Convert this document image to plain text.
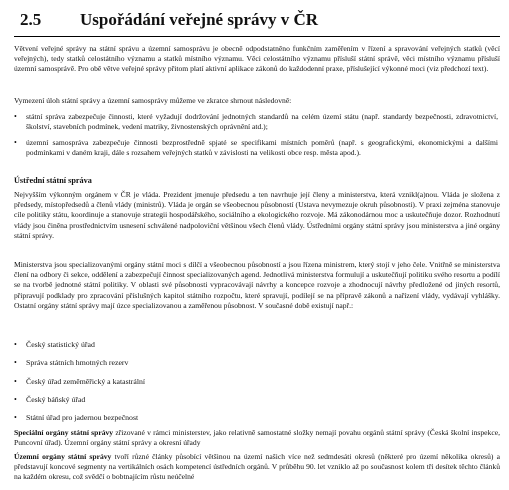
2.5 Uspořádání veřejné správy v ČR

Větvení veřejné správy na státní správu a územní samosprávu je obecně odpodstatněno funkčním zaměřením v řízení a spravování veřejných statků (věcí veřejných), tedy statků celostátního významu a statků místního významu. Věci celostátního významu přísluší státní správě, věci místního významu přísluší územní samosprávě. Pro obě větve veřejné správy přitom platí aktivní aplikace zákonů do každodenní praxe, příslušející výkonné moci (viz předchozí text).

Vymezení úloh státní správy a územní samosprávy můžeme ve zkratce shrnout následovně:

• státní správa zabezpečuje činnosti, které vyžadují dodržování jednotných standardů na celém území státu (např. standardy bezpečnosti, zdravotnictví, školství, stavebních podmínek, vedení matriky, živnostenských oprávnění atd.);
• územní samospráva zabezpečuje činnosti bezprostředně spjaté se specifikami místních poměrů (např. s geografickými, ekonomickými a dalšími podmínkami v daném kraji, dále s rozsahem veřejných statků v závislosti na velikosti obce resp. města apod.).

Ústřední státní správa

Nejvyšším výkonným orgánem v ČR je vláda. Prezident jmenuje předsedu a ten navrhuje její členy a ministerstva, která vznikl(a)nou. Vláda je složena z předsedy, místopředsedů a členů vlády (ministrů). Vláda je orgán se všeobecnou působností (Ustava nevymezuje okruh působnosti). V praxi zejména stanovuje cíle politiky státu, koordinuje a stanovuje strategii hospodářského, sociálního a ekologického rozvoje. Má zákonodárnou moc a uskutečňuje dozor. Rozhodnutí vlády jsou činěna prostřednictvím usnesení schválené nadpoloviční většinou všech členů vlády. Ústředními orgány státní správy jsou ministerstva a jiné orgány státní správy.

Ministerstva jsou specializovanými orgány státní moci s dílčí a všeobecnou působností a jsou řízena ministrem, který stojí v jeho čele. Vnitřně se ministerstva člení na odbory či sekce, oddělení a zabezpečují činnost specializovaných agend. Jednotlivá ministerstva formulují a uskutečňují politiku svého resortu a podílí se na tvorbě jednotné státní politiky. V oblasti své působnosti vypracovávají návrhy a koncepce rozvoje a zhodnocují návrhy předložené od jiných resortů, připravují podklady pro zpracování příslušných kapitol státního rozpočtu, které spravují, podílejí se na přípravě zákonů a nařízení vlády, vydávají vyhlášky. Ostatní orgány státní správy mají úzce specializovanou a zaměřenou působnost. V současné době existují např.:

• Český statistický úřad

• Správa státních hmotných rezerv

• Český úřad zeměměřický a katastrální

• Český báňský úřad

• Státní úřad pro jadernou bezpečnost

Speciální orgány státní správy zřizované v rámci ministerstev, jako relativně samostatné složky nemají povahu orgánů státní správy (Česká školní inspekce, Puncovní úřad). Územní orgány státní správy a okresní úřady

Územní orgány státní správy tvoří různé články působící většinou na území našich více než sedmdesáti okresů (některé pro území několika okresů) a představují koncové segmenty na vertikálních osách kompetencí ústředních orgánů. V průběhu 90. let vzniklo až po současnost kolem tři desítek těchto článků na každém okresu, což svědčí o bobtnajícím růstu neúčelné
